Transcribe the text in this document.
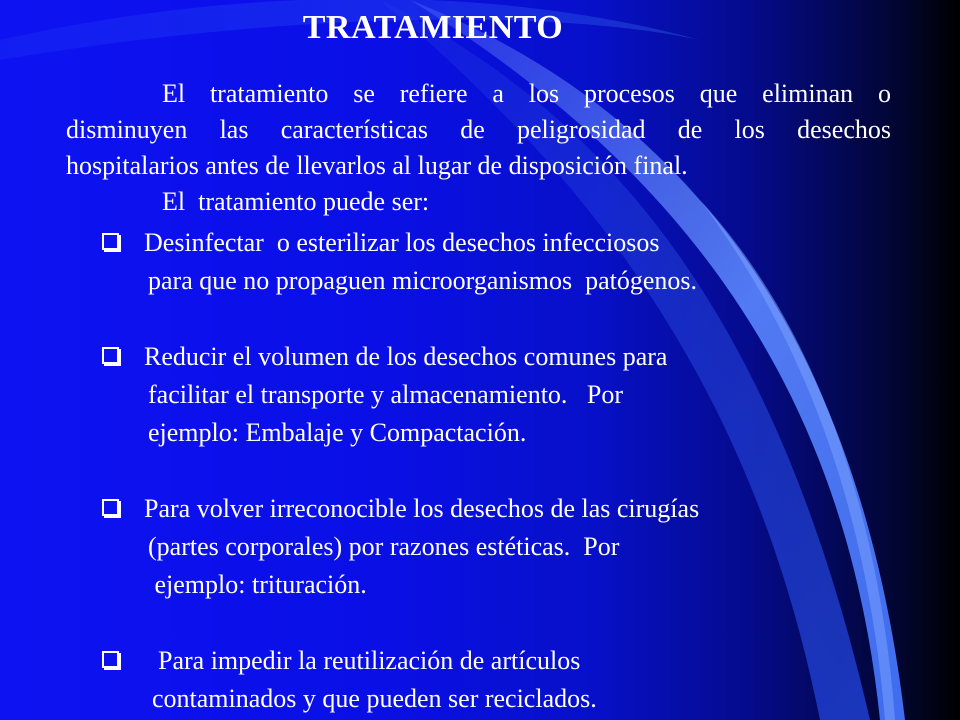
TRATAMIENTO
El tratamiento se refiere a los procesos que eliminan o
disminuyen las características de peligrosidad de los desechos
hospitalarios antes de llevarlos al lugar de disposición final.
El  tratamiento puede ser:
Desinfectar  o esterilizar los desechos infecciosos
para que no propaguen microorganismos  patógenos.
Reducir el volumen de los desechos comunes para
facilitar el transporte y almacenamiento.   Por
ejemplo: Embalaje y Compactación.
Para volver irreconocible los desechos de las cirugías
(partes corporales) por razones estéticas.  Por
ejemplo: trituración.
Para impedir la reutilización de artículos
contaminados y que pueden ser reciclados.
